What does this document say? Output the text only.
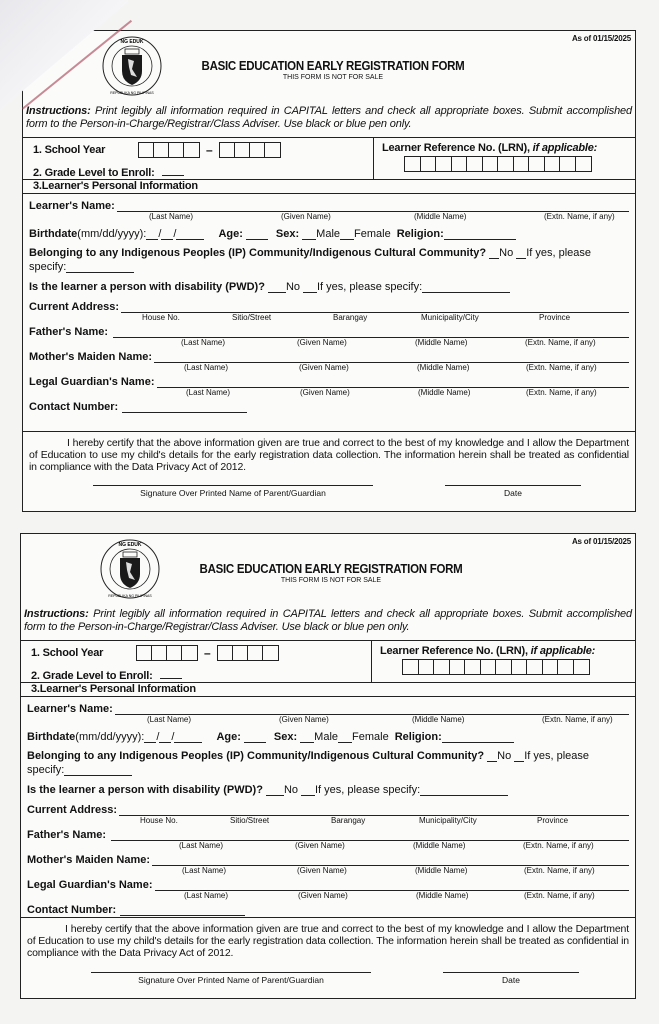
As of 01/15/2025
NG EDUK
REPUBLIKA NG PILIPINAS
BASIC EDUCATION EARLY REGISTRATION FORM
THIS FORM IS NOT FOR SALE
Instructions: Print legibly all information required in CAPITAL letters and check all appropriate boxes. Submit accomplished form to the Person-in-Charge/Registrar/Class Adviser. Use black or blue pen only.
1. School Year	–
2. Grade Level to Enroll:
Learner Reference No. (LRN), if applicable:
3.Learner's Personal Information
Learner's Name:
(Last Name)	(Given Name)	(Middle Name)	(Extn. Name, if any)
Birthdate (mm/dd/yyyy): / /	Age:	Sex: Male Female Religion:
Belonging to any Indigenous Peoples (IP) Community/Indigenous Cultural Community? No If yes, please
specify:
Is the learner a person with disability (PWD)? No If yes, please specify:
Current Address:
House No.	Sitio/Street	Barangay	Municipality/City	Province
Father's Name:
(Last Name)	(Given Name)	(Middle Name)	(Extn. Name, if any)
Mother's Maiden Name:
(Last Name)	(Given Name)	(Middle Name)	(Extn. Name, if any)
Legal Guardian's Name:
(Last Name)	(Given Name)	(Middle Name)	(Extn. Name, if any)
Contact Number:

I hereby certify that the above information given are true and correct to the best of my knowledge and I allow the Department of Education to use my child's details for the early registration data collection. The information herein shall be treated as confidential in compliance with the Data Privacy Act of 2012.

Signature Over Printed Name of Parent/Guardian	Date
As of 01/15/2025
NG EDUK
REPUBLIKA NG PILIPINAS
BASIC EDUCATION EARLY REGISTRATION FORM
THIS FORM IS NOT FOR SALE
Instructions: Print legibly all information required in CAPITAL letters and check all appropriate boxes. Submit accomplished form to the Person-in-Charge/Registrar/Class Adviser. Use black or blue pen only.
1. School Year	–
2. Grade Level to Enroll:
Learner Reference No. (LRN), if applicable:
3.Learner's Personal Information
Learner's Name:
(Last Name)	(Given Name)	(Middle Name)	(Extn. Name, if any)
Birthdate (mm/dd/yyyy): / /	Age:	Sex: Male Female Religion:
Belonging to any Indigenous Peoples (IP) Community/Indigenous Cultural Community? No If yes, please
specify:
Is the learner a person with disability (PWD)? No If yes, please specify:
Current Address:
House No.	Sitio/Street	Barangay	Municipality/City	Province
Father's Name:
(Last Name)	(Given Name)	(Middle Name)	(Extn. Name, if any)
Mother's Maiden Name:
(Last Name)	(Given Name)	(Middle Name)	(Extn. Name, if any)
Legal Guardian's Name:
(Last Name)	(Given Name)	(Middle Name)	(Extn. Name, if any)
Contact Number:

I hereby certify that the above information given are true and correct to the best of my knowledge and I allow the Department of Education to use my child's details for the early registration data collection. The information herein shall be treated as confidential in compliance with the Data Privacy Act of 2012.

Signature Over Printed Name of Parent/Guardian	Date
